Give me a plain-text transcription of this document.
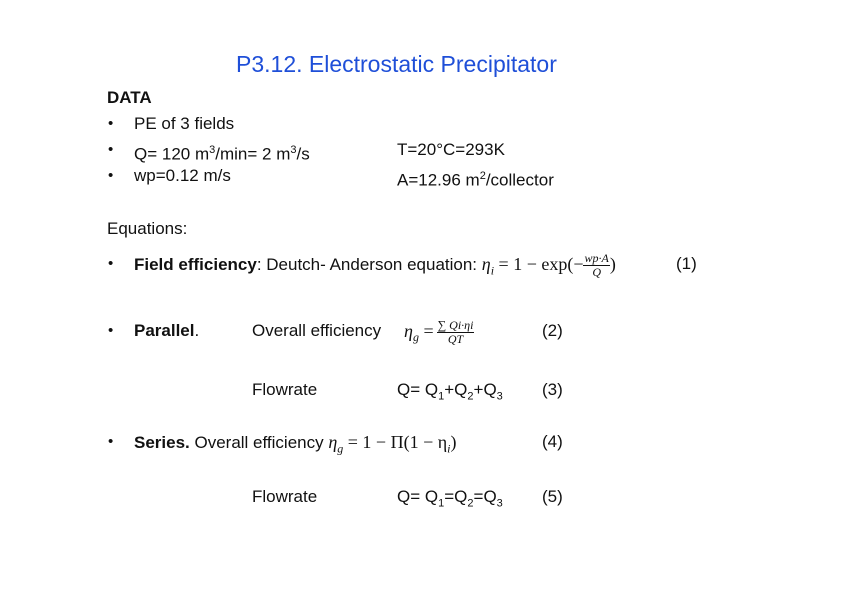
P3.12. Electrostatic Precipitator
DATA
• PE of 3 fields
• Q= 120 $m^3/\min= 2$ $m^3/s$	T=20°C=293K
• wp=0.12 m/s	A=12.96 $m^2$/collector
Equations:
• Field efficiency: Deutch- Anderson equation: $\eta_i = 1 - \exp(- \frac{wp\cdot A}{Q}$ )	(1)
• Parallel.	Overall efficiency $\eta_g = \frac{\sum Qi\cdot\eta i}{QT}$	(2)
Flowrate	$Q= Q_1+Q_2+Q_3$ (3)
• Series. Overall efficiency $\eta_g = 1 - \Pi(1 - \eta_i)$	(4)
Flowrate	$Q= Q_1=Q_2=Q_3$ (5)
